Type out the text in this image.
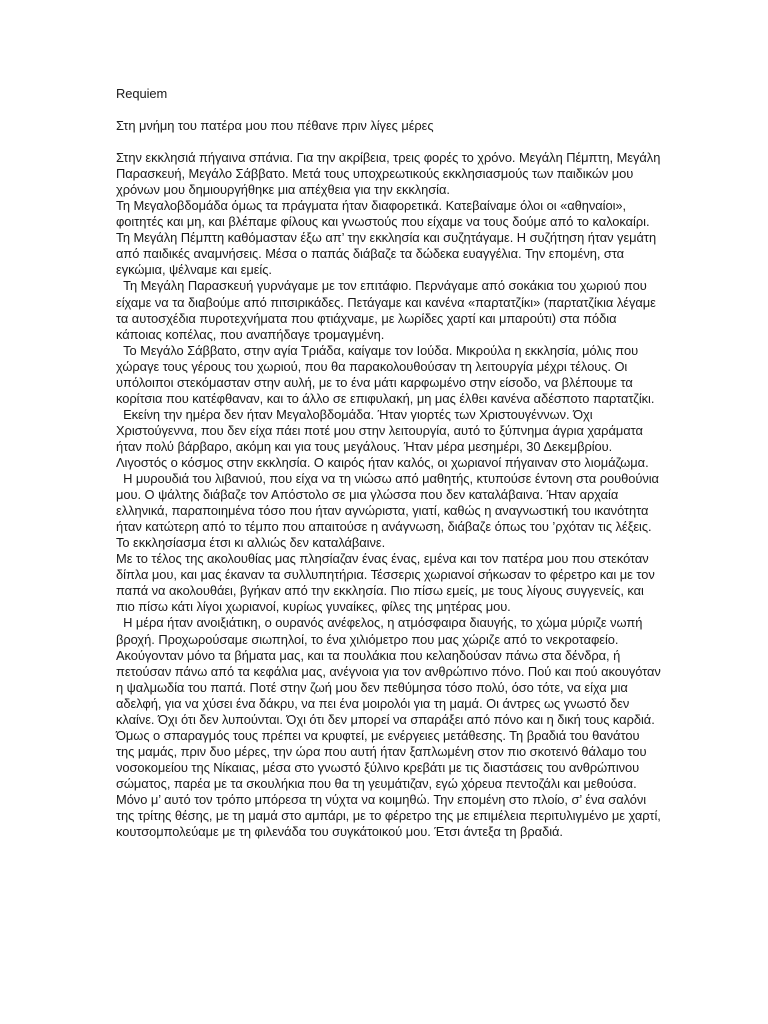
Requiem
Στη μνήμη του πατέρα μου που πέθανε πριν λίγες μέρες
Στην εκκλησιά πήγαινα σπάνια. Για την ακρίβεια, τρεις φορές το χρόνο. Μεγάλη Πέμπτη, Μεγάλη Παρασκευή, Μεγάλο Σάββατο. Μετά τους υποχρεωτικούς εκκλησιασμούς των παιδικών μου χρόνων μου δημιουργήθηκε μια απέχθεια για την εκκλησία.
Τη Μεγαλοβδομάδα όμως τα πράγματα ήταν διαφορετικά. Κατεβαίναμε όλοι οι «αθηναίοι», φοιτητές και μη, και βλέπαμε φίλους και γνωστούς που είχαμε να τους δούμε από το καλοκαίρι. Τη Μεγάλη Πέμπτη καθόμασταν έξω απ’ την εκκλησία και συζητάγαμε. Η συζήτηση ήταν γεμάτη από παιδικές αναμνήσεις. Μέσα ο παπάς διάβαζε τα δώδεκα ευαγγέλια. Την επομένη, στα εγκώμια, ψέλναμε και εμείς.
Τη Μεγάλη Παρασκευή γυρνάγαμε με τον επιτάφιο. Περνάγαμε από σοκάκια του χωριού που είχαμε να τα διαβούμε από πιτσιρικάδες. Πετάγαμε και κανένα «παρτατζίκι» (παρτατζίκια λέγαμε τα αυτοσχέδια πυροτεχνήματα που φτιάχναμε, με λωρίδες χαρτί και μπαρούτι) στα πόδια κάποιας κοπέλας, που αναπήδαγε τρομαγμένη.
Το Μεγάλο Σάββατο, στην αγία Τριάδα, καίγαμε τον Ιούδα. Μικρούλα η εκκλησία, μόλις που χώραγε τους γέρους του χωριού, που θα παρακολουθούσαν τη λειτουργία μέχρι τέλους. Οι υπόλοιποι στεκόμασταν στην αυλή, με το ένα μάτι καρφωμένο στην είσοδο, να βλέπουμε τα κορίτσια που κατέφθαναν, και το άλλο σε επιφυλακή, μη μας έλθει κανένα αδέσποτο παρτατζίκι.
Εκείνη την ημέρα δεν ήταν Μεγαλοβδομάδα. Ήταν γιορτές των Χριστουγέννων. Όχι Χριστούγεννα, που δεν είχα πάει ποτέ μου στην λειτουργία, αυτό το ξύπνημα άγρια χαράματα ήταν πολύ βάρβαρο, ακόμη και για τους μεγάλους. Ήταν μέρα μεσημέρι, 30 Δεκεμβρίου. Λιγοστός ο κόσμος στην εκκλησία. Ο καιρός ήταν καλός, οι χωριανοί πήγαιναν στο λιομάζωμα.
Η μυρουδιά του λιβανιού, που είχα να τη νιώσω από μαθητής, κτυπούσε έντονη στα ρουθούνια μου. Ο ψάλτης διάβαζε τον Απόστολο σε μια γλώσσα που δεν καταλάβαινα. Ήταν αρχαία ελληνικά, παραποιημένα τόσο που ήταν αγνώριστα, γιατί, καθώς η αναγνωστική του ικανότητα ήταν κατώτερη από το τέμπο που απαιτούσε η ανάγνωση, διάβαζε όπως του ’ρχόταν τις λέξεις. Το εκκλησίασμα έτσι κι αλλιώς δεν καταλάβαινε.
Με το τέλος της ακολουθίας μας πλησίαζαν ένας ένας, εμένα και τον πατέρα μου που στεκόταν δίπλα μου, και μας έκαναν τα συλλυπητήρια. Τέσσερις χωριανοί σήκωσαν το φέρετρο και με τον παπά να ακολουθάει, βγήκαν από την εκκλησία. Πιο πίσω εμείς, με τους λίγους συγγενείς, και πιο πίσω κάτι λίγοι χωριανοί, κυρίως γυναίκες, φίλες της μητέρας μου.
Η μέρα ήταν ανοιξιάτικη, ο ουρανός ανέφελος, η ατμόσφαιρα διαυγής, το χώμα μύριζε νωπή βροχή. Προχωρούσαμε σιωπηλοί, το ένα χιλιόμετρο που μας χώριζε από το νεκροταφείο. Ακούγονταν μόνο τα βήματα μας, και τα πουλάκια που κελαηδούσαν πάνω στα δένδρα, ή πετούσαν πάνω από τα κεφάλια μας, ανέγνοια για τον ανθρώπινο πόνο. Πού και πού ακουγόταν η ψαλμωδία του παπά. Ποτέ στην ζωή μου δεν πεθύμησα τόσο πολύ, όσο τότε, να είχα μια αδελφή, για να χύσει ένα δάκρυ, να πει ένα μοιρολόι για τη μαμά. Οι άντρες ως γνωστό δεν κλαίνε. Όχι ότι δεν λυπούνται. Όχι ότι δεν μπορεί να σπαράξει από πόνο και η δική τους καρδιά. Όμως ο σπαραγμός τους πρέπει να κρυφτεί, με ενέργειες μετάθεσης. Τη βραδιά του θανάτου της μαμάς, πριν δυο μέρες, την ώρα που αυτή ήταν ξαπλωμένη στον πιο σκοτεινό θάλαμο του νοσοκομείου της Νίκαιας, μέσα στο γνωστό ξύλινο κρεβάτι με τις διαστάσεις του ανθρώπινου σώματος, παρέα με τα σκουλήκια που θα τη γευμάτιζαν, εγώ χόρευα πεντοζάλι και μεθούσα. Μόνο μ’ αυτό τον τρόπο μπόρεσα τη νύχτα να κοιμηθώ. Την επομένη στο πλοίο, σ’ ένα σαλόνι της τρίτης θέσης, με τη μαμά στο αμπάρι, με το φέρετρο της με επιμέλεια περιτυλιγμένο με χαρτί, κουτσομπολεύαμε με τη φιλενάδα του συγκάτοικού μου. Έτσι άντεξα τη βραδιά.
